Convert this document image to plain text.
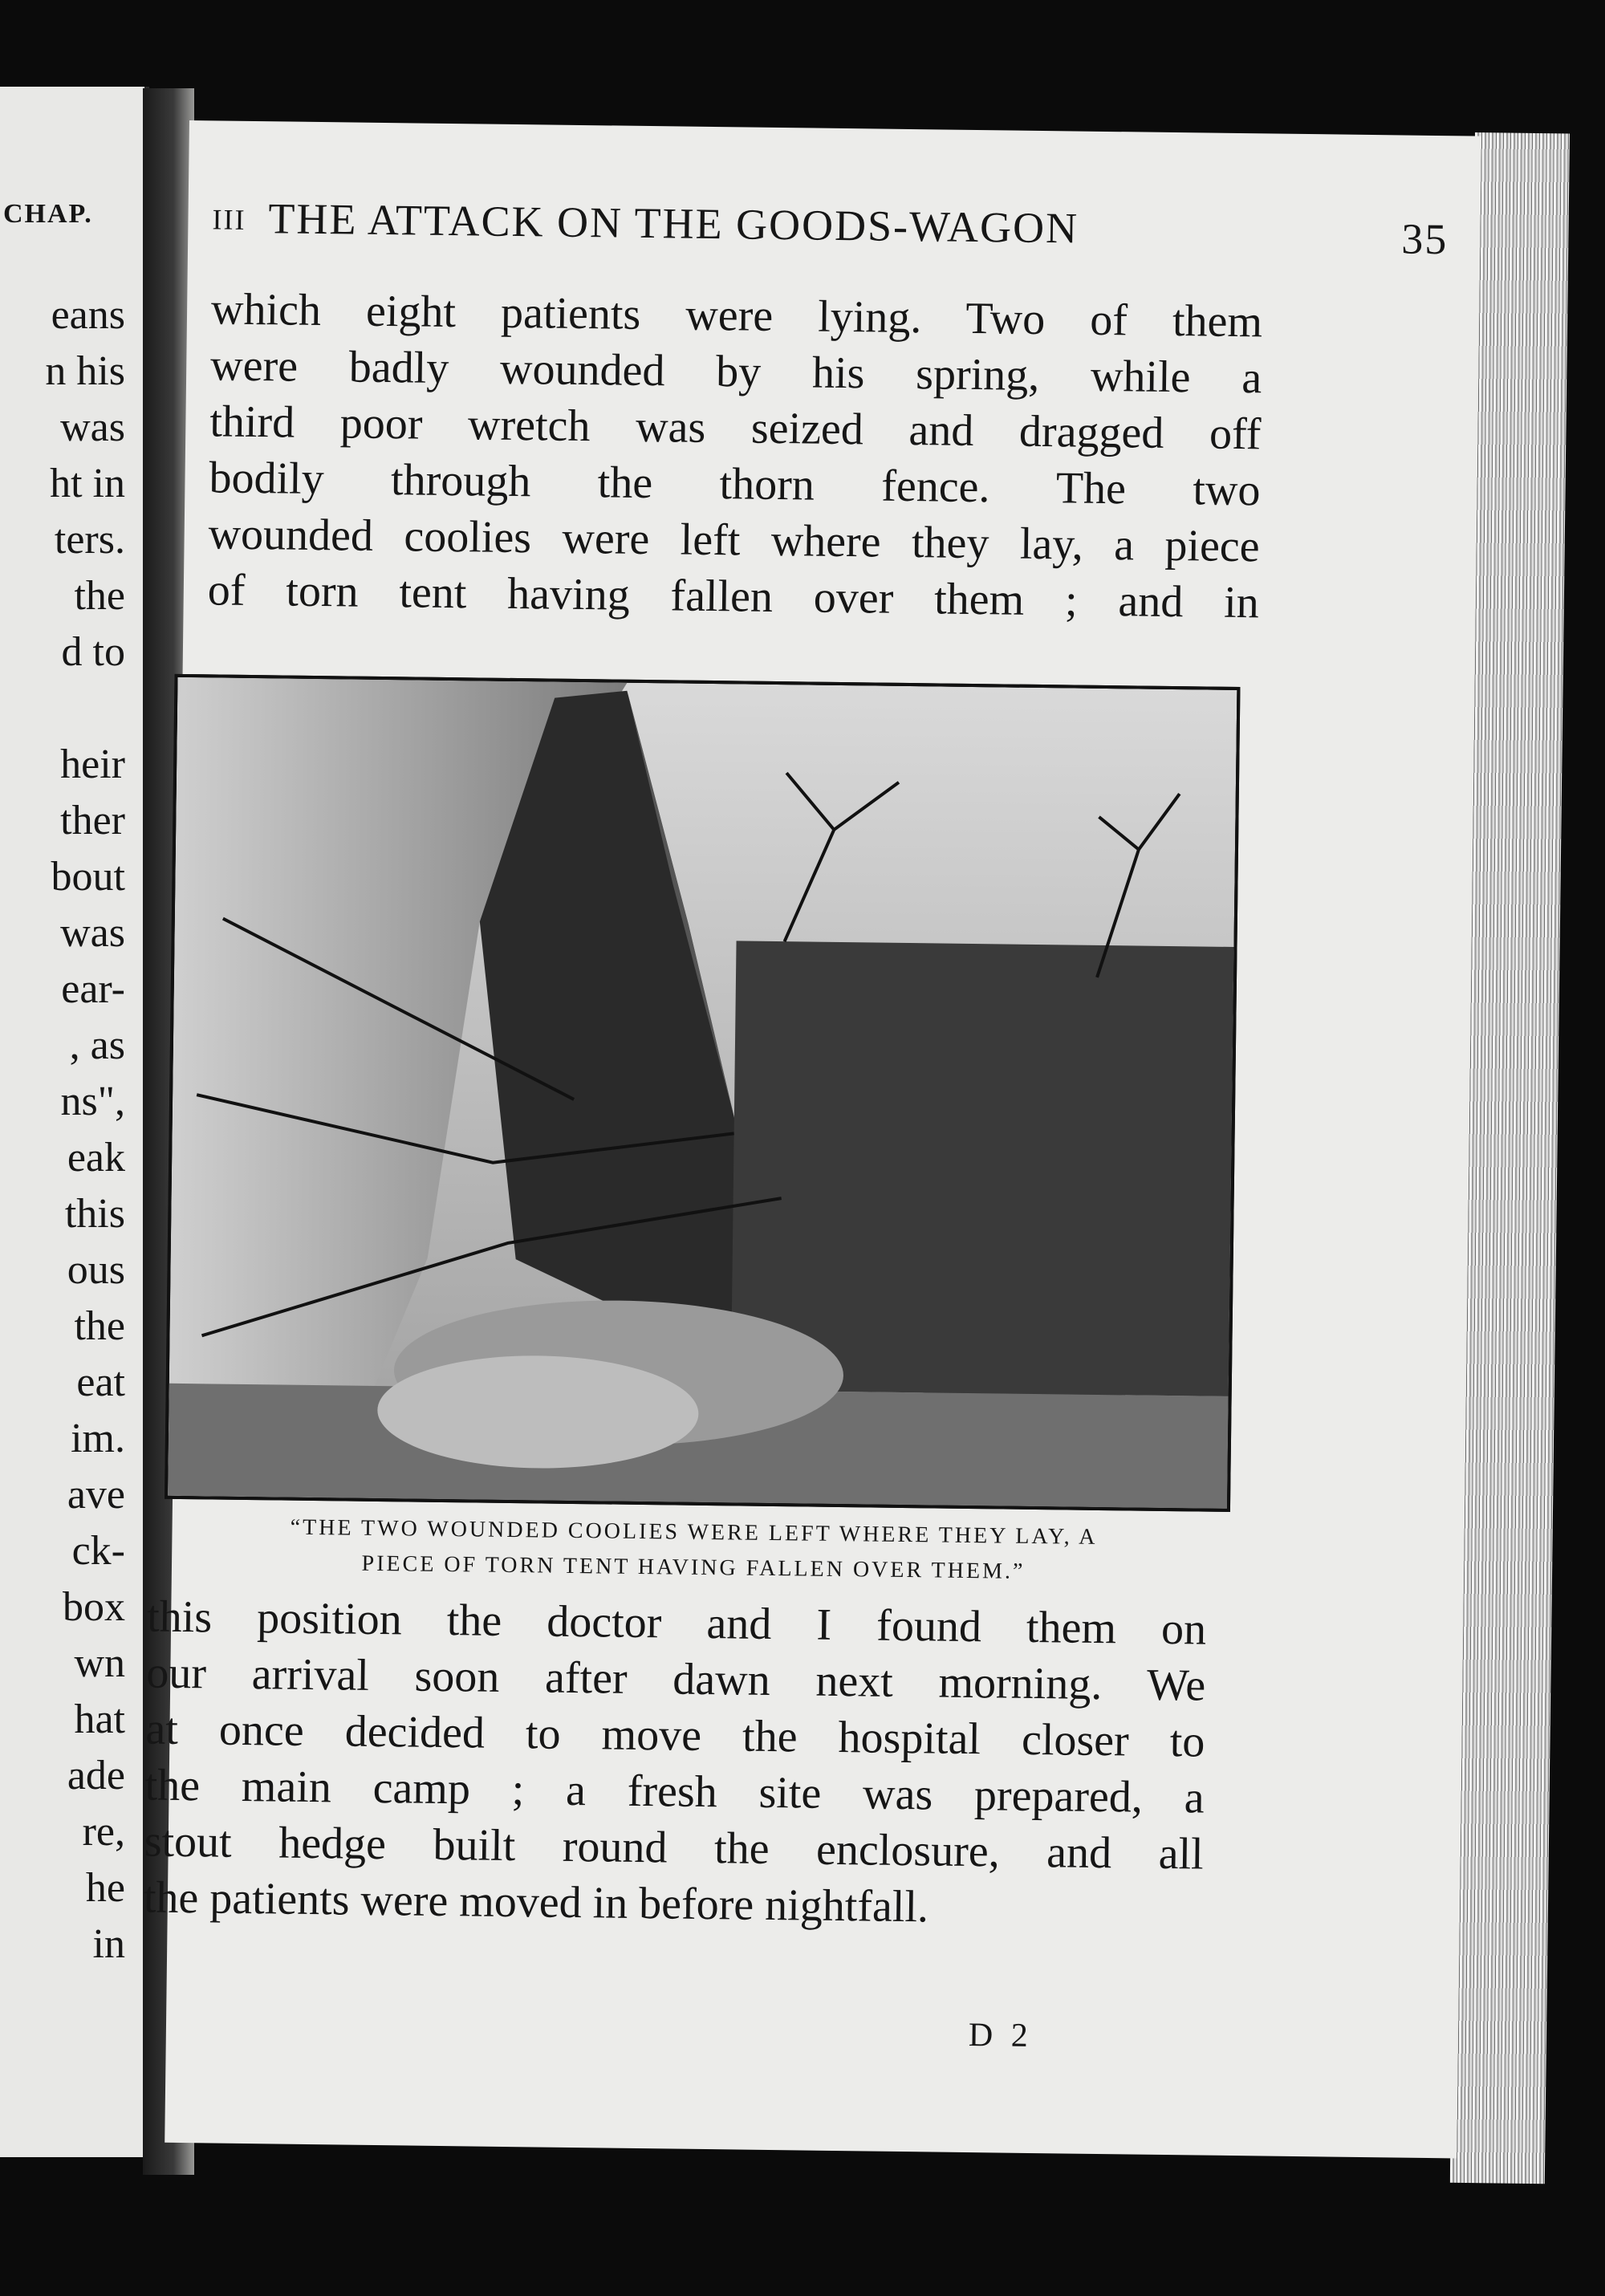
CHAP.
eans
n his
was
ht in
ters.
the
d to
heir
ther
bout
was
ear-
, as
ns",
eak
this
ous
the
eat
im.
ave
ck-
box
wn
hat
ade
re,
he
in
III THE ATTACK ON THE GOODS-WAGON	35
which eight patients were lying. Two of them
were badly wounded by his spring, while a
third poor wretch was seized and dragged off
bodily through the thorn fence. The two
wounded coolies were left where they lay, a piece
of torn tent having fallen over them ; and in
“THE TWO WOUNDED COOLIES WERE LEFT WHERE THEY LAY, A
PIECE OF TORN TENT HAVING FALLEN OVER THEM.”
this position the doctor and I found them on
our arrival soon after dawn next morning. We
at once decided to move the hospital closer to
the main camp ; a fresh site was prepared, a
stout hedge built round the enclosure, and all
the patients were moved in before nightfall.
D 2
